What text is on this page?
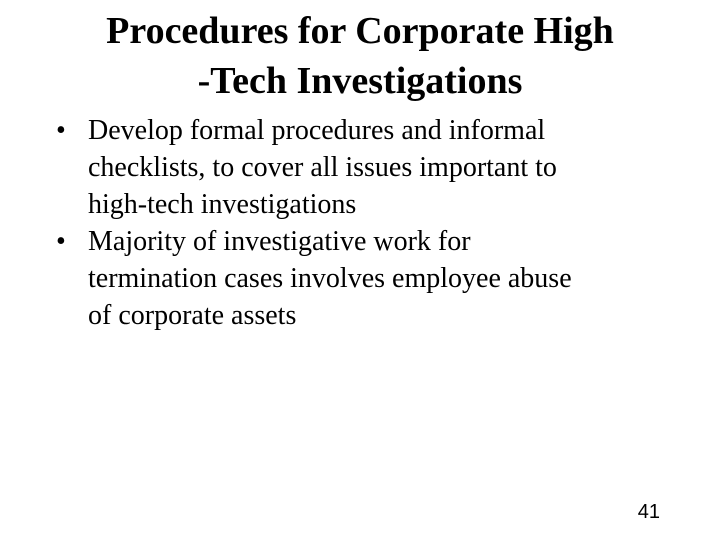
Procedures for Corporate High
-Tech Investigations
• Develop formal procedures and informal
checklists, to cover all issues important to
high-tech investigations
• Majority of investigative work for
termination cases involves employee abuse
of corporate assets
41
